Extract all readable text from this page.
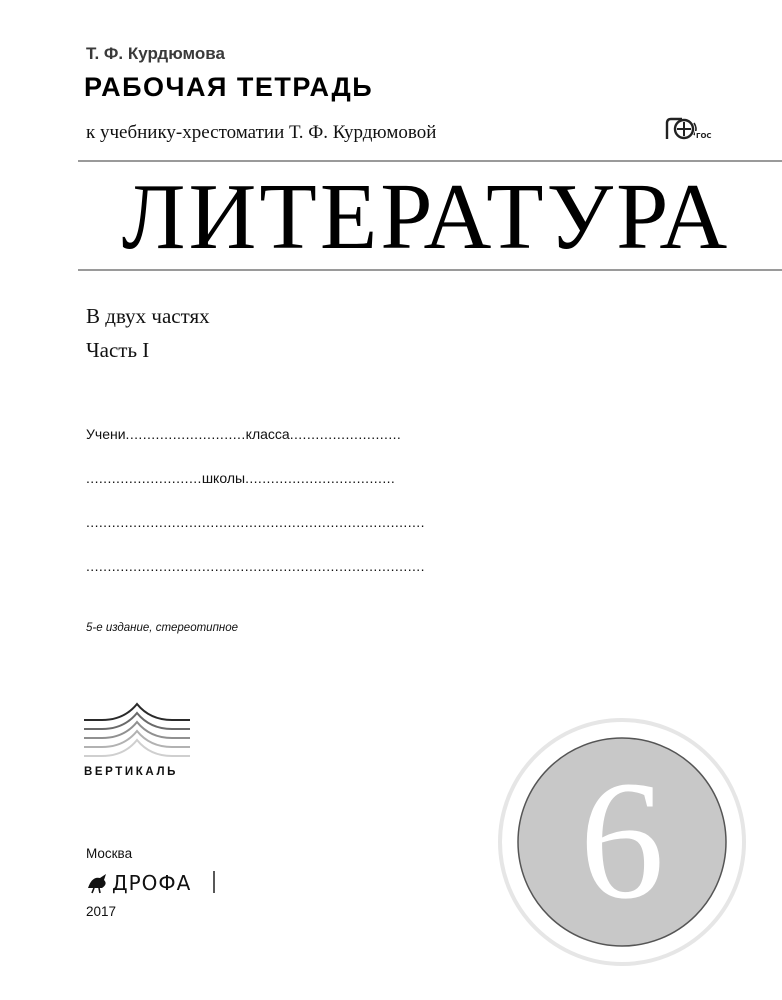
Т. Ф. Курдюмова
РАБОЧАЯ ТЕТРАДЬ
к учебнику-хрестоматии Т. Ф. Курдюмовой	ГОС
ЛИТЕРАТУРА
В двух частях
Часть I
Учени............................класса..........................
...........................школы...................................
...............................................................................
...............................................................................
5-е издание, стереотипное
ВЕРТИКАЛЬ
Москва
ДРОФА
2017	6
